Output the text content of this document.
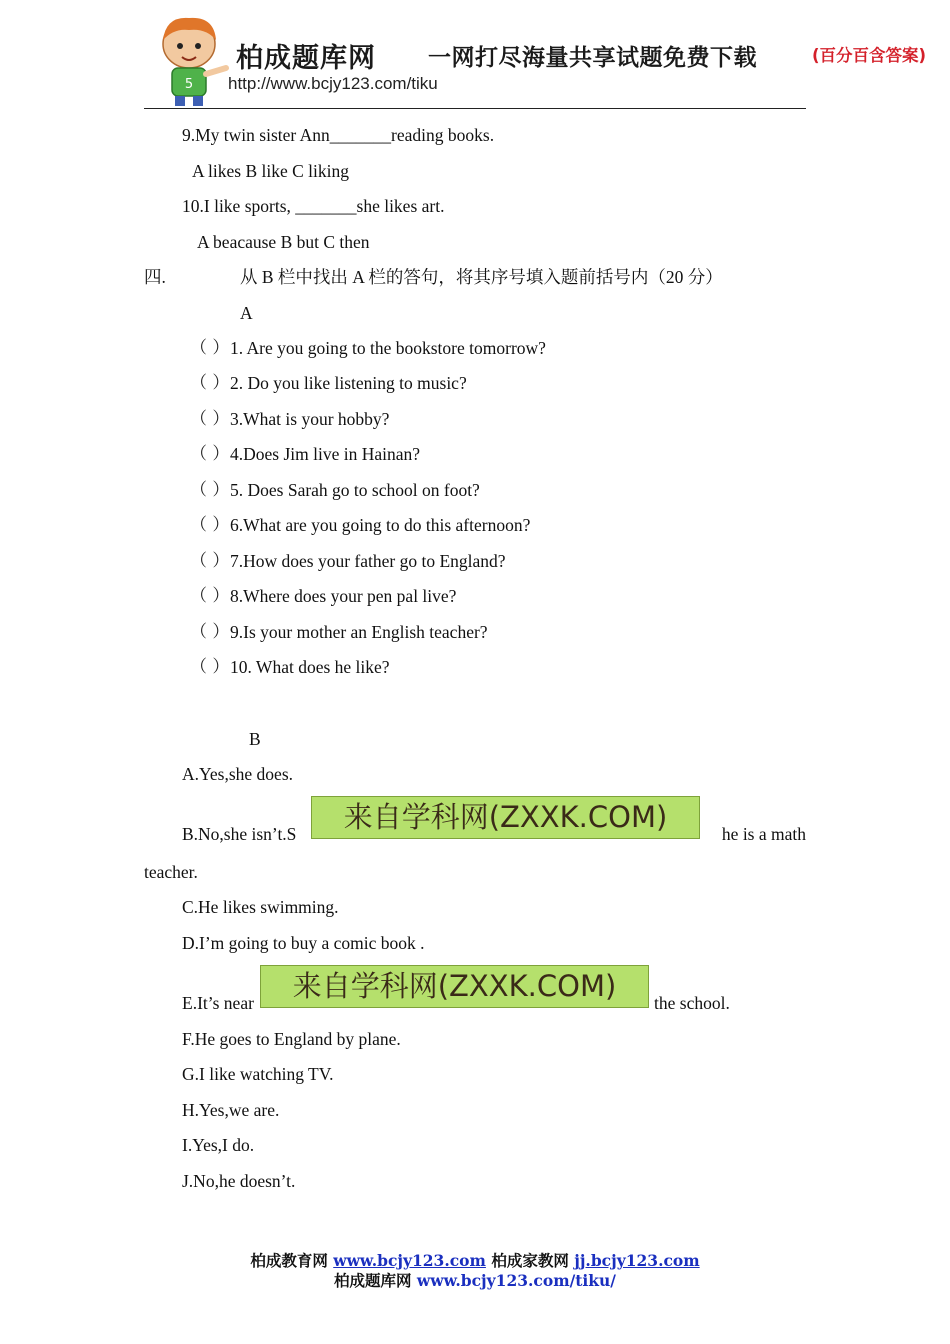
5
柏成题库网 一网打尽海量共享试题免费下载	(百分百含答案)
http://www.bcjy123.com/tiku
9.My twin sister Ann_______reading books.
A likes B like C liking
10.I like sports, _______she likes art.
A beacause B but C then
四.	从 B 栏中找出 A 栏的答句，将其序号填入题前括号内（20 分）
A
（ ） 1. Are you going to the bookstore tomorrow?
（ ） 2. Do you like listening to music?
（ ） 3.What is your hobby?
（ ） 4.Does Jim live in Hainan?
（ ） 5. Does Sarah go to school on foot?
（ ） 6.What are you going to do this afternoon?
（ ） 7.How does your father go to England?
（ ） 8.Where does your pen pal live?
（ ） 9.Is your mother an English teacher?
（ ） 10. What does he like?
B
A.Yes,she does.
B.No,she isn’t.S	来自学科网(ZXXK.COM)	he is a math
teacher.
C.He likes swimming.
D.I’m going to buy a comic book .
E.It’s near	来自学科网(ZXXK.COM)	the school.
F.He goes to England by plane.
G.I like watching TV.
H.Yes,we are.
I.Yes,I do.
J.No,he doesn’t.
柏成教育网 www.bcjy123.com 柏成家教网 jj.bcjy123.com
柏成题库网 www.bcjy123.com/tiku/
